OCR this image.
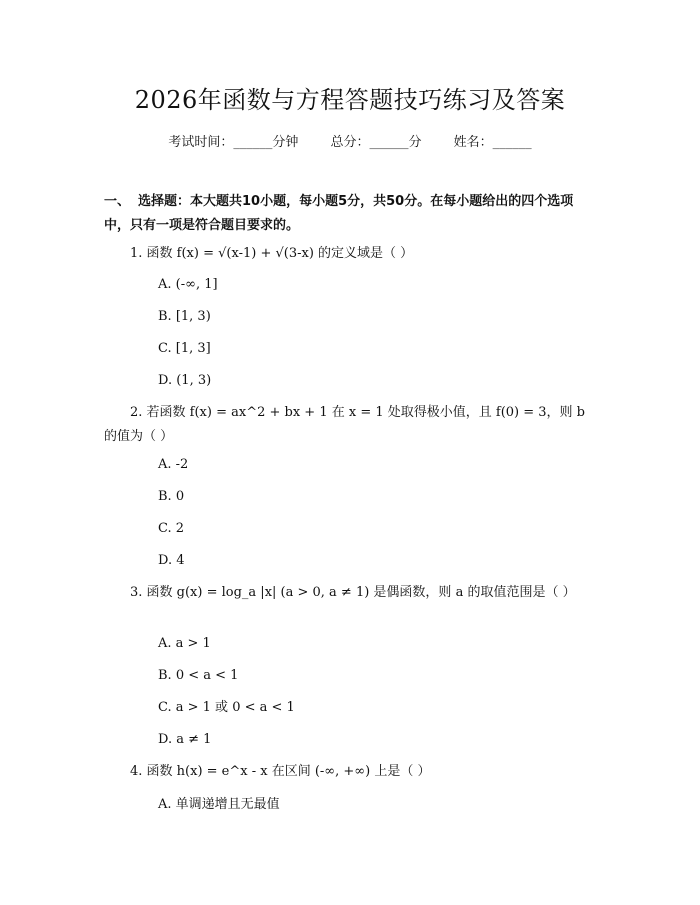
2026年函数与方程答题技巧练习及答案
考试时间：______分钟 总分：______分 姓名：______
一、 选择题：本大题共10小题，每小题5分，共50分。在每小题给出的四个选项中，只有一项是符合题目要求的。
1. 函数 f(x) = √(x-1) + √(3-x) 的定义域是（ ）
A. (-∞, 1]
B. [1, 3)
C. [1, 3]
D. (1, 3)
2. 若函数 f(x) = ax^2 + bx + 1 在 x = 1 处取得极小值，且 f(0) = 3，则 b 的值为（ ）
A. -2
B. 0
C. 2
D. 4
3. 函数 g(x) = log_a |x| (a > 0, a ≠ 1) 是偶函数，则 a 的取值范围是（ ）
A. a > 1
B. 0 < a < 1
C. a > 1 或 0 < a < 1
D. a ≠ 1
4. 函数 h(x) = e^x - x 在区间 (-∞, +∞) 上是（ ）
A. 单调递增且无最值
